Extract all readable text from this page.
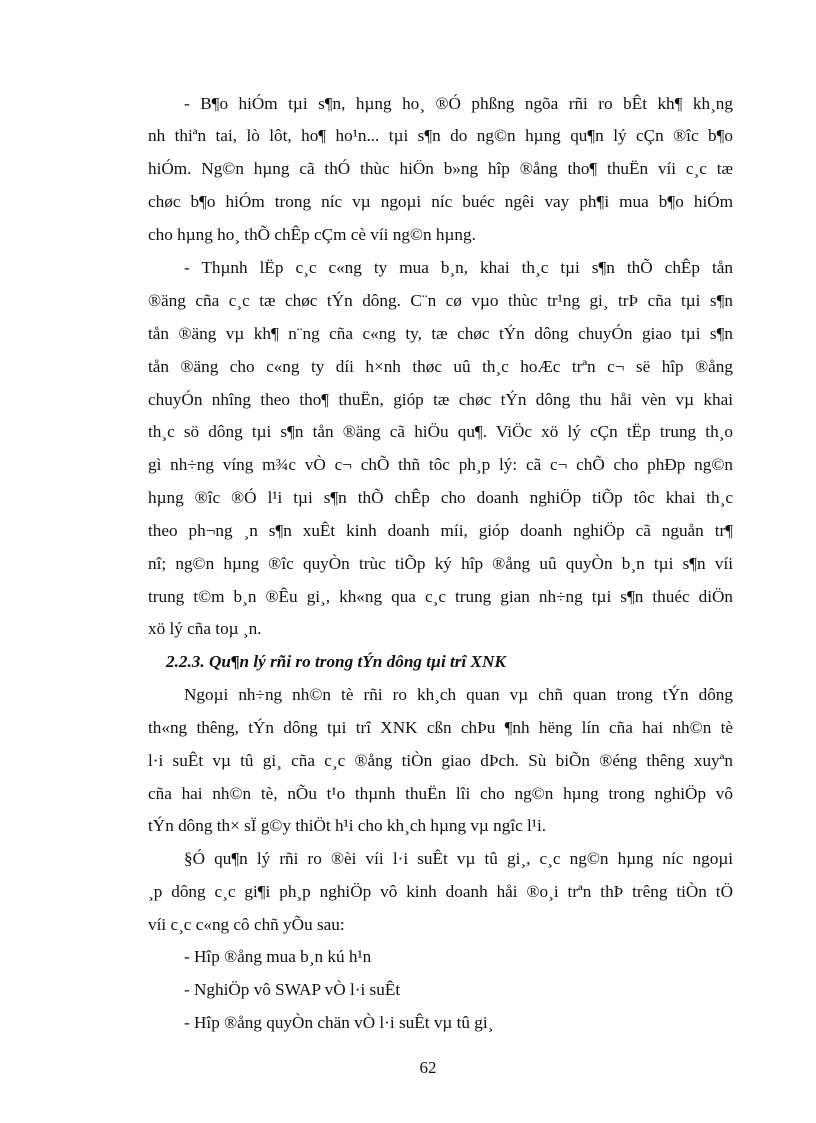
- B¶o hiÓm tµi s¶n, hµng ho¸ ®Ó phßng ngõa rñi ro bÊt kh¶ kh¸ng
nh thiªn tai, lò lôt, ho¶ ho¹n... tµi s¶n do ng©n hµng qu¶n lý cÇn ®îc b¶o
hiÓm. Ng©n hµng cã thÓ thùc hiÖn b»ng hîp ®ång tho¶ thuËn víi c¸c tæ
chøc b¶o hiÓm trong níc vµ ngoµi níc buéc ngêi vay ph¶i mua b¶o hiÓm
cho hµng ho¸ thÕ chÊp cÇm cè víi ng©n hµng.
- Thµnh lËp c¸c c«ng ty mua b¸n, khai th¸c tµi s¶n thÕ chÊp tån
®äng cña c¸c tæ chøc tÝn dông. C¨n cø vµo thùc tr¹ng gi¸ trÞ cña tµi s¶n
tån ®äng vµ kh¶ n¨ng cña c«ng ty, tæ chøc tÝn dông chuyÓn giao tµi s¶n
tån ®äng cho c«ng ty díi h×nh thøc uû th¸c hoÆc trªn c¬ së hîp ®ång
chuyÓn nhîng theo tho¶ thuËn, gióp tæ chøc tÝn dông thu håi vèn vµ khai
th¸c sö dông tµi s¶n tån ®äng cã hiÖu qu¶. ViÖc xö lý cÇn tËp trung th¸o
gì nh÷ng víng m¾c vÒ c¬ chÕ thñ tôc ph¸p lý: cã c¬ chÕ cho phÐp ng©n
hµng ®îc ®Ó l¹i tµi s¶n thÕ chÊp cho doanh nghiÖp tiÕp tôc khai th¸c
theo ph¬ng ¸n s¶n xuÊt kinh doanh míi, gióp doanh nghiÖp cã nguån tr¶
nî; ng©n hµng ®îc quyÒn trùc tiÕp ký hîp ®ång uû quyÒn b¸n tµi s¶n víi
trung t©m b¸n ®Êu gi¸, kh«ng qua c¸c trung gian nh÷ng tµi s¶n thuéc diÖn
xö lý cña toµ ¸n.
2.2.3. Qu¶n lý rñi ro trong tÝn dông tµi trî XNK
Ngoµi nh÷ng nh©n tè rñi ro kh¸ch quan vµ chñ quan trong tÝn dông
th«ng thêng, tÝn dông tµi trî XNK cßn chÞu ¶nh hëng lín cña hai nh©n tè
l·i suÊt vµ tû gi¸ cña c¸c ®ång tiÒn giao dÞch. Sù biÕn ®éng thêng xuyªn
cña hai nh©n tè, nÕu t¹o thµnh thuËn lîi cho ng©n hµng trong nghiÖp vô
tÝn dông th× sÏ g©y thiÖt h¹i cho kh¸ch hµng vµ ngîc l¹i.
§Ó qu¶n lý rñi ro ®èi víi l·i suÊt vµ tû gi¸, c¸c ng©n hµng níc ngoµi
¸p dông c¸c gi¶i ph¸p nghiÖp vô kinh doanh håi ®o¸i trªn thÞ trêng tiÒn tÖ
víi c¸c c«ng cô chñ yÕu sau:
- Hîp ®ång mua b¸n kú h¹n
- NghiÖp vô SWAP vÒ l·i suÊt
- Hîp ®ång quyÒn chän vÒ l·i suÊt vµ tû gi¸
62
